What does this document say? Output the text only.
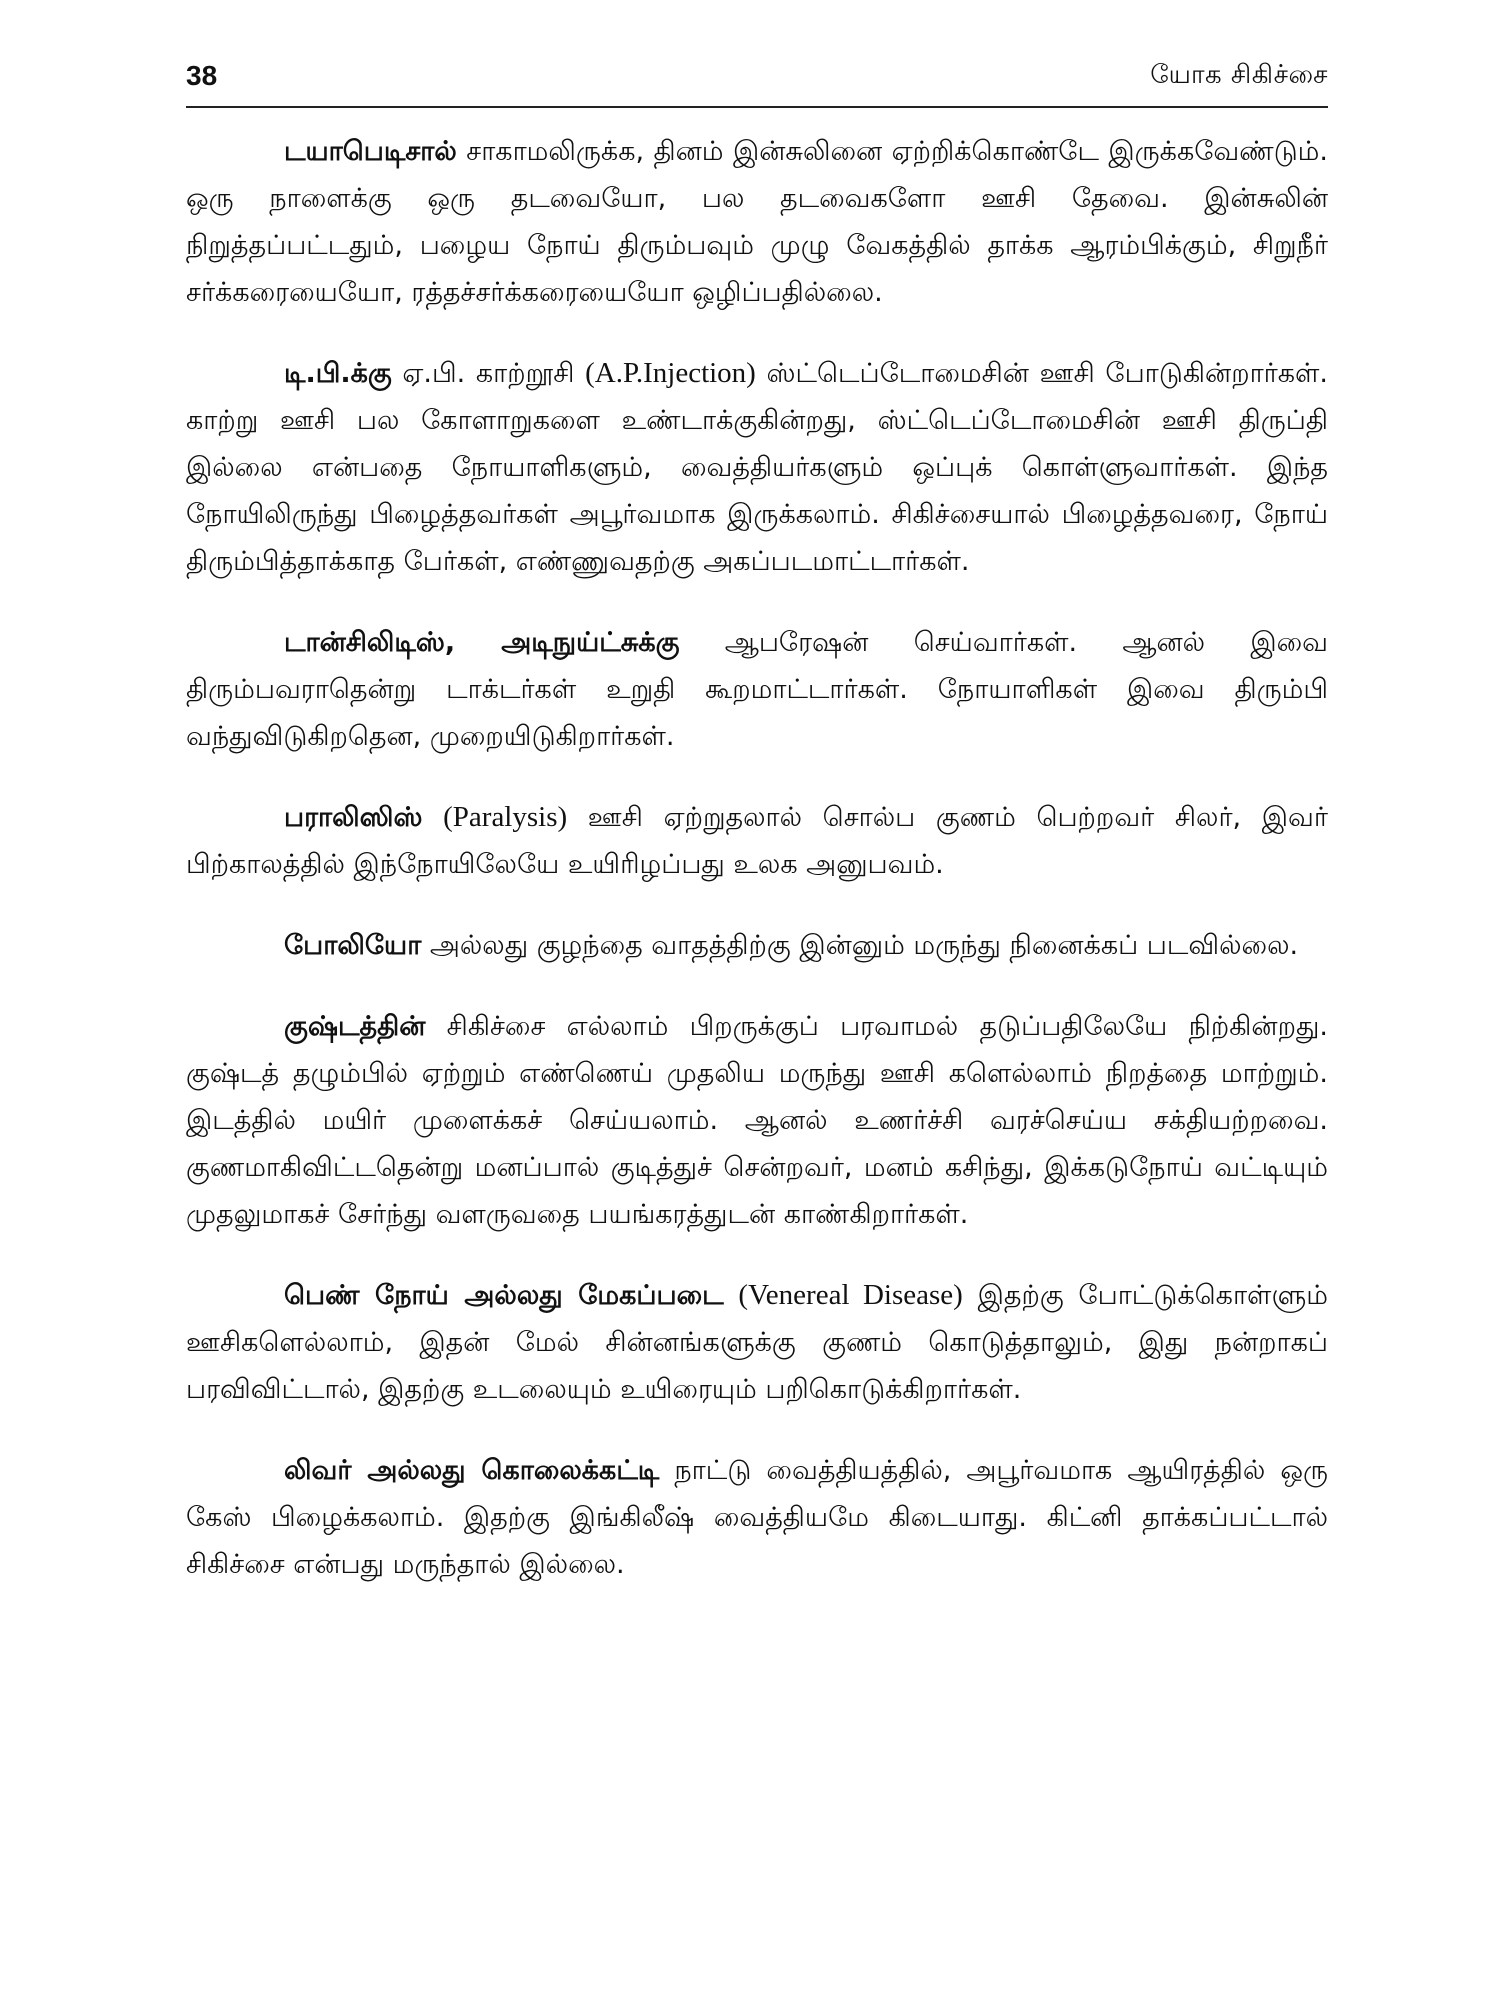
38	யோக சிகிச்சை

டயாபெடிசால் சாகாமலிருக்க, தினம் இன்சுலினை ஏற்றிக்கொண்டே இருக்கவேண்டும். ஒரு நாளைக்கு ஒரு தடவையோ, பல தடவைகளோ ஊசி தேவை. இன்சுலின் நிறுத்தப்பட்டதும், பழைய நோய் திரும்பவும் முழு வேகத்தில் தாக்க ஆரம்பிக்கும், சிறுநீர் சர்க்கரையையோ, ரத்தச்சர்க்கரையையோ ஒழிப்பதில்லை.

டி.பி.க்கு ஏ.பி. காற்றூசி (A.P.Injection) ஸ்ட்டெப்டோமைசின் ஊசி போடுகின்றார்கள். காற்று ஊசி பல கோளாறுகளை உண்டாக்குகின்றது, ஸ்ட்டெப்டோமைசின் ஊசி திருப்தி இல்லை என்பதை நோயாளிகளும், வைத்தியர்களும் ஒப்புக் கொள்ளுவார்கள். இந்த நோயிலிருந்து பிழைத்தவர்கள் அபூர்வமாக இருக்கலாம். சிகிச்சையால் பிழைத்தவரை, நோய் திரும்பித்தாக்காத பேர்கள், எண்ணுவதற்கு அகப்படமாட்டார்கள்.

டான்சிலிடிஸ், அடிநுய்ட்சுக்கு ஆபரேஷன் செய்வார்கள். ஆனல் இவை திரும்பவராதென்று டாக்டர்கள் உறுதி கூறமாட்டார்கள். நோயாளிகள் இவை திரும்பி வந்துவிடுகிறதென, முறையிடுகிறார்கள்.

பராலிஸிஸ் (Paralysis) ஊசி ஏற்றுதலால் சொல்ப குணம் பெற்றவர் சிலர், இவர் பிற்காலத்தில் இந்நோயிலேயே உயிரிழப்பது உலக அனுபவம்.

போலியோ அல்லது குழந்தை வாதத்திற்கு இன்னும் மருந்து நினைக்கப் படவில்லை.

குஷ்டத்தின் சிகிச்சை எல்லாம் பிறருக்குப் பரவாமல் தடுப்பதிலேயே நிற்கின்றது. குஷ்டத் தழும்பில் ஏற்றும் எண்ணெய் முதலிய மருந்து ஊசி களெல்லாம் நிறத்தை மாற்றும். இடத்தில் மயிர் முளைக்கச் செய்யலாம். ஆனல் உணர்ச்சி வரச்செய்ய சக்தியற்றவை. குணமாகிவிட்டதென்று மனப்பால் குடித்துச் சென்றவர், மனம் கசிந்து, இக்கடுநோய் வட்டியும் முதலுமாகச் சேர்ந்து வளருவதை பயங்கரத்துடன் காண்கிறார்கள்.

பெண் நோய் அல்லது மேகப்படை (Venereal Disease) இதற்கு போட்டுக்கொள்ளும் ஊசிகளெல்லாம், இதன் மேல் சின்னங்களுக்கு குணம் கொடுத்தாலும், இது நன்றாகப் பரவிவிட்டால், இதற்கு உடலையும் உயிரையும் பறிகொடுக்கிறார்கள்.

லிவர் அல்லது கொலைக்கட்டி நாட்டு வைத்தியத்தில், அபூர்வமாக ஆயிரத்தில் ஒரு கேஸ் பிழைக்கலாம். இதற்கு இங்கிலீஷ் வைத்தியமே கிடையாது. கிட்னி தாக்கப்பட்டால் சிகிச்சை என்பது மருந்தால் இல்லை.
